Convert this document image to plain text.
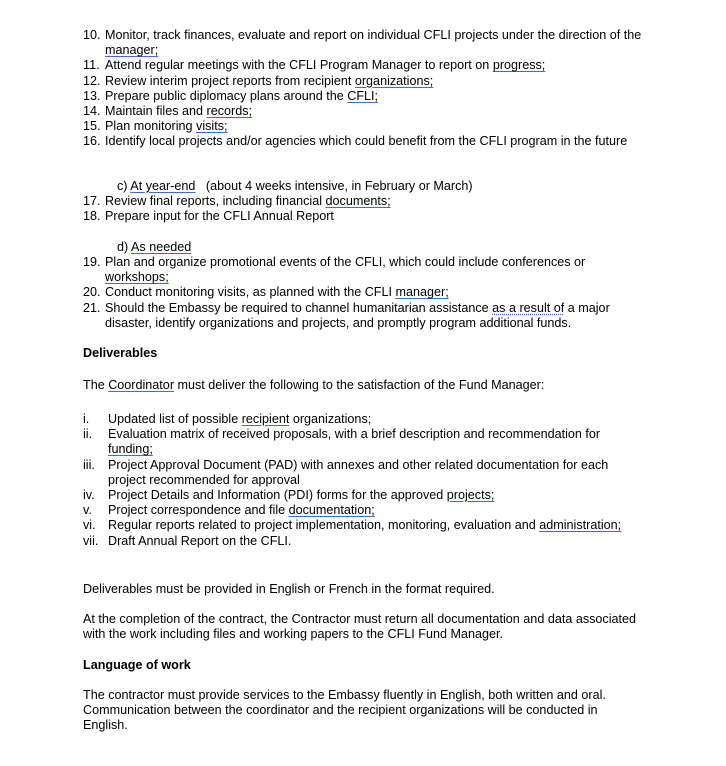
10. Monitor, track finances, evaluate and report on individual CFLI projects under the direction of the manager;
11. Attend regular meetings with the CFLI Program Manager to report on progress;
12. Review interim project reports from recipient organizations;
13. Prepare public diplomacy plans around the CFLI;
14. Maintain files and records;
15. Plan monitoring visits;
16. Identify local projects and/or agencies which could benefit from the CFLI program in the future
c) At year-end   (about 4 weeks intensive, in February or March)
17. Review final reports, including financial documents;
18. Prepare input for the CFLI Annual Report
d) As needed
19. Plan and organize promotional events of the CFLI, which could include conferences or workshops;
20. Conduct monitoring visits, as planned with the CFLI manager;
21. Should the Embassy be required to channel humanitarian assistance as a result of a major disaster, identify organizations and projects, and promptly program additional funds.
Deliverables
The Coordinator must deliver the following to the satisfaction of the Fund Manager:
i. Updated list of possible recipient organizations;
ii. Evaluation matrix of received proposals, with a brief description and recommendation for funding;
iii. Project Approval Document (PAD) with annexes and other related documentation for each project recommended for approval
iv. Project Details and Information (PDI) forms for the approved projects;
v. Project correspondence and file documentation;
vi. Regular reports related to project implementation, monitoring, evaluation and administration;
vii. Draft Annual Report on the CFLI.
Deliverables must be provided in English or French in the format required.
At the completion of the contract, the Contractor must return all documentation and data associated with the work including files and working papers to the CFLI Fund Manager.
Language of work
The contractor must provide services to the Embassy fluently in English, both written and oral. Communication between the coordinator and the recipient organizations will be conducted in English.
